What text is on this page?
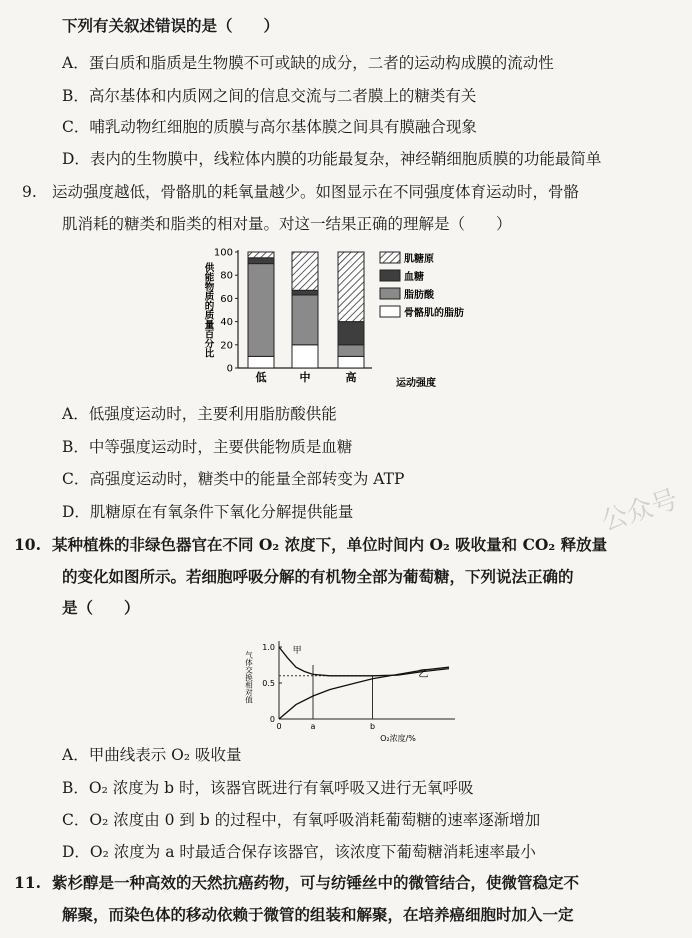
下列有关叙述错误的是（　　）
A．蛋白质和脂质是生物膜不可或缺的成分，二者的运动构成膜的流动性
B．高尔基体和内质网之间的信息交流与二者膜上的糖类有关
C．哺乳动物红细胞的质膜与高尔基体膜之间具有膜融合现象
D．表内的生物膜中，线粒体内膜的功能最复杂，神经鞘细胞质膜的功能最简单
9. 运动强度越低，骨骼肌的耗氧量越少。如图显示在不同强度体育运动时，骨骼
肌消耗的糖类和脂类的相对量。对这一结果正确的理解是（　　）
供能物质的质量百分比
0
20
40
60
80
100
低	中	高	运动强度
肌糖原
血糖
脂肪酸
骨骼肌的脂肪
A．低强度运动时，主要利用脂肪酸供能
B．中等强度运动时，主要供能物质是血糖
C．高强度运动时，糖类中的能量全部转变为 ATP
D．肌糖原在有氧条件下氧化分解提供能量
10. 某种植株的非绿色器官在不同 O₂ 浓度下，单位时间内 O₂ 吸收量和 CO₂ 释放量
的变化如图所示。若细胞呼吸分解的有机物全部为葡萄糖，下列说法正确的
是（　　）
气体交换相对值
0
0.5
1.0 甲
乙
0	a	b
O₂浓度/%
A．甲曲线表示 O₂ 吸收量
B．O₂ 浓度为 b 时，该器官既进行有氧呼吸又进行无氧呼吸
C．O₂ 浓度由 0 到 b 的过程中，有氧呼吸消耗葡萄糖的速率逐渐增加
D．O₂ 浓度为 a 时最适合保存该器官，该浓度下葡萄糖消耗速率最小
11. 紫杉醇是一种高效的天然抗癌药物，可与纺锤丝中的微管结合，使微管稳定不
解聚，而染色体的移动依赖于微管的组装和解聚，在培养癌细胞时加入一定
公众号
